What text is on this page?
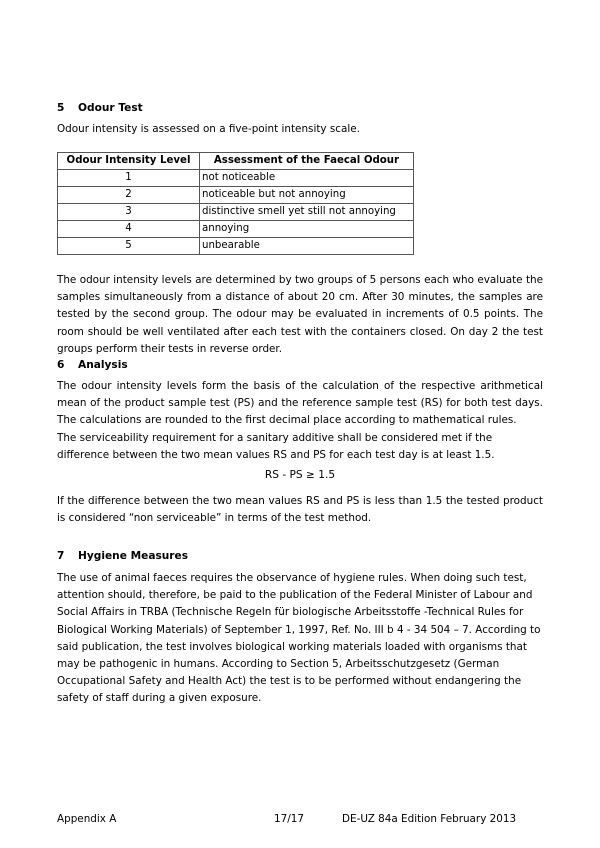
5 Odour Test
Odour intensity is assessed on a five-point intensity scale.
Odour Intensity Level	Assessment of the Faecal Odour
1	not noticeable
2	noticeable but not annoying
3	distinctive smell yet still not annoying
4	annoying
5	unbearable
The odour intensity levels are determined by two groups of 5 persons each who evaluate the samples simultaneously from a distance of about 20 cm. After 30 minutes, the samples are tested by the second group. The odour may be evaluated in increments of 0.5 points. The room should be well ventilated after each test with the containers closed. On day 2 the test groups perform their tests in reverse order.
6 Analysis
The odour intensity levels form the basis of the calculation of the respective arithmetical mean of the product sample test (PS) and the reference sample test (RS) for both test days. The calculations are rounded to the first decimal place according to mathematical rules.
The serviceability requirement for a sanitary additive shall be considered met if the difference between the two mean values RS and PS for each test day is at least 1.5.
RS - PS ≥ 1.5
If the difference between the two mean values RS and PS is less than 1.5 the tested product is considered “non serviceable” in terms of the test method.
7 Hygiene Measures
The use of animal faeces requires the observance of hygiene rules. When doing such test, attention should, therefore, be paid to the publication of the Federal Minister of Labour and Social Affairs in TRBA (Technische Regeln für biologische Arbeitsstoffe -Technical Rules for Biological Working Materials) of September 1, 1997, Ref. No. III b 4 - 34 504 – 7. According to said publication, the test involves biological working materials loaded with organisms that may be pathogenic in humans. According to Section 5, Arbeitsschutzgesetz (German Occupational Safety and Health Act) the test is to be performed without endangering the safety of staff during a given exposure.
Appendix A	17/17	DE-UZ 84a Edition February 2013
